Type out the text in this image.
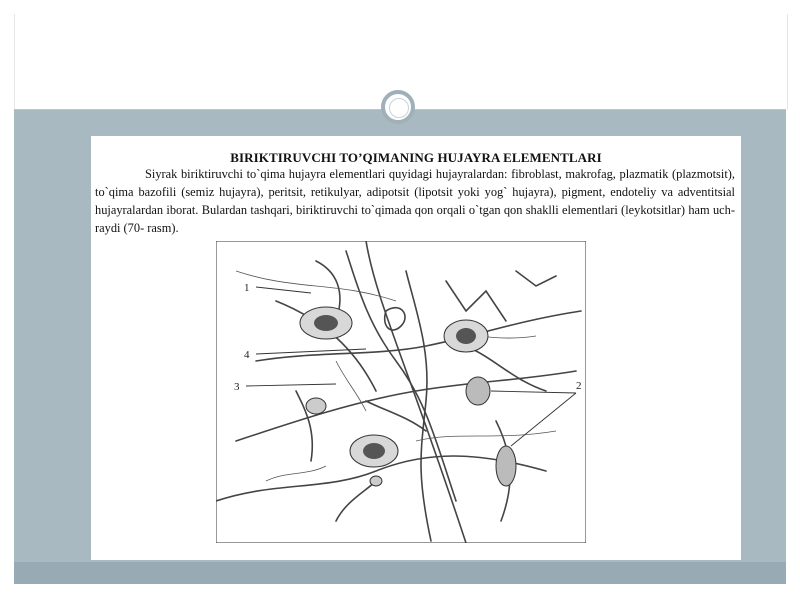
BIRIKTIRUVCHI TO’QIMANING HUJAYRA ELEMENTLARI

Siyrak biriktiruvchi to`qima hujayra elementlari quyidagi hujayralardan: fibroblast, makrofag, plazmatik (plazmotsit), to`qima bazofili (semiz hujayra), peritsit, retikulyar, adipotsit (lipotsit yoki yog` hujayra), pigment, endoteliy va adventitsial hujayralardan iborat. Bulardan tashqari, biriktiruvchi to`qimada qon orqali o`tgan qon shaklli elementlari (leykotsitlar) ham uch-raydi (70- rasm).

1
4
3	2
